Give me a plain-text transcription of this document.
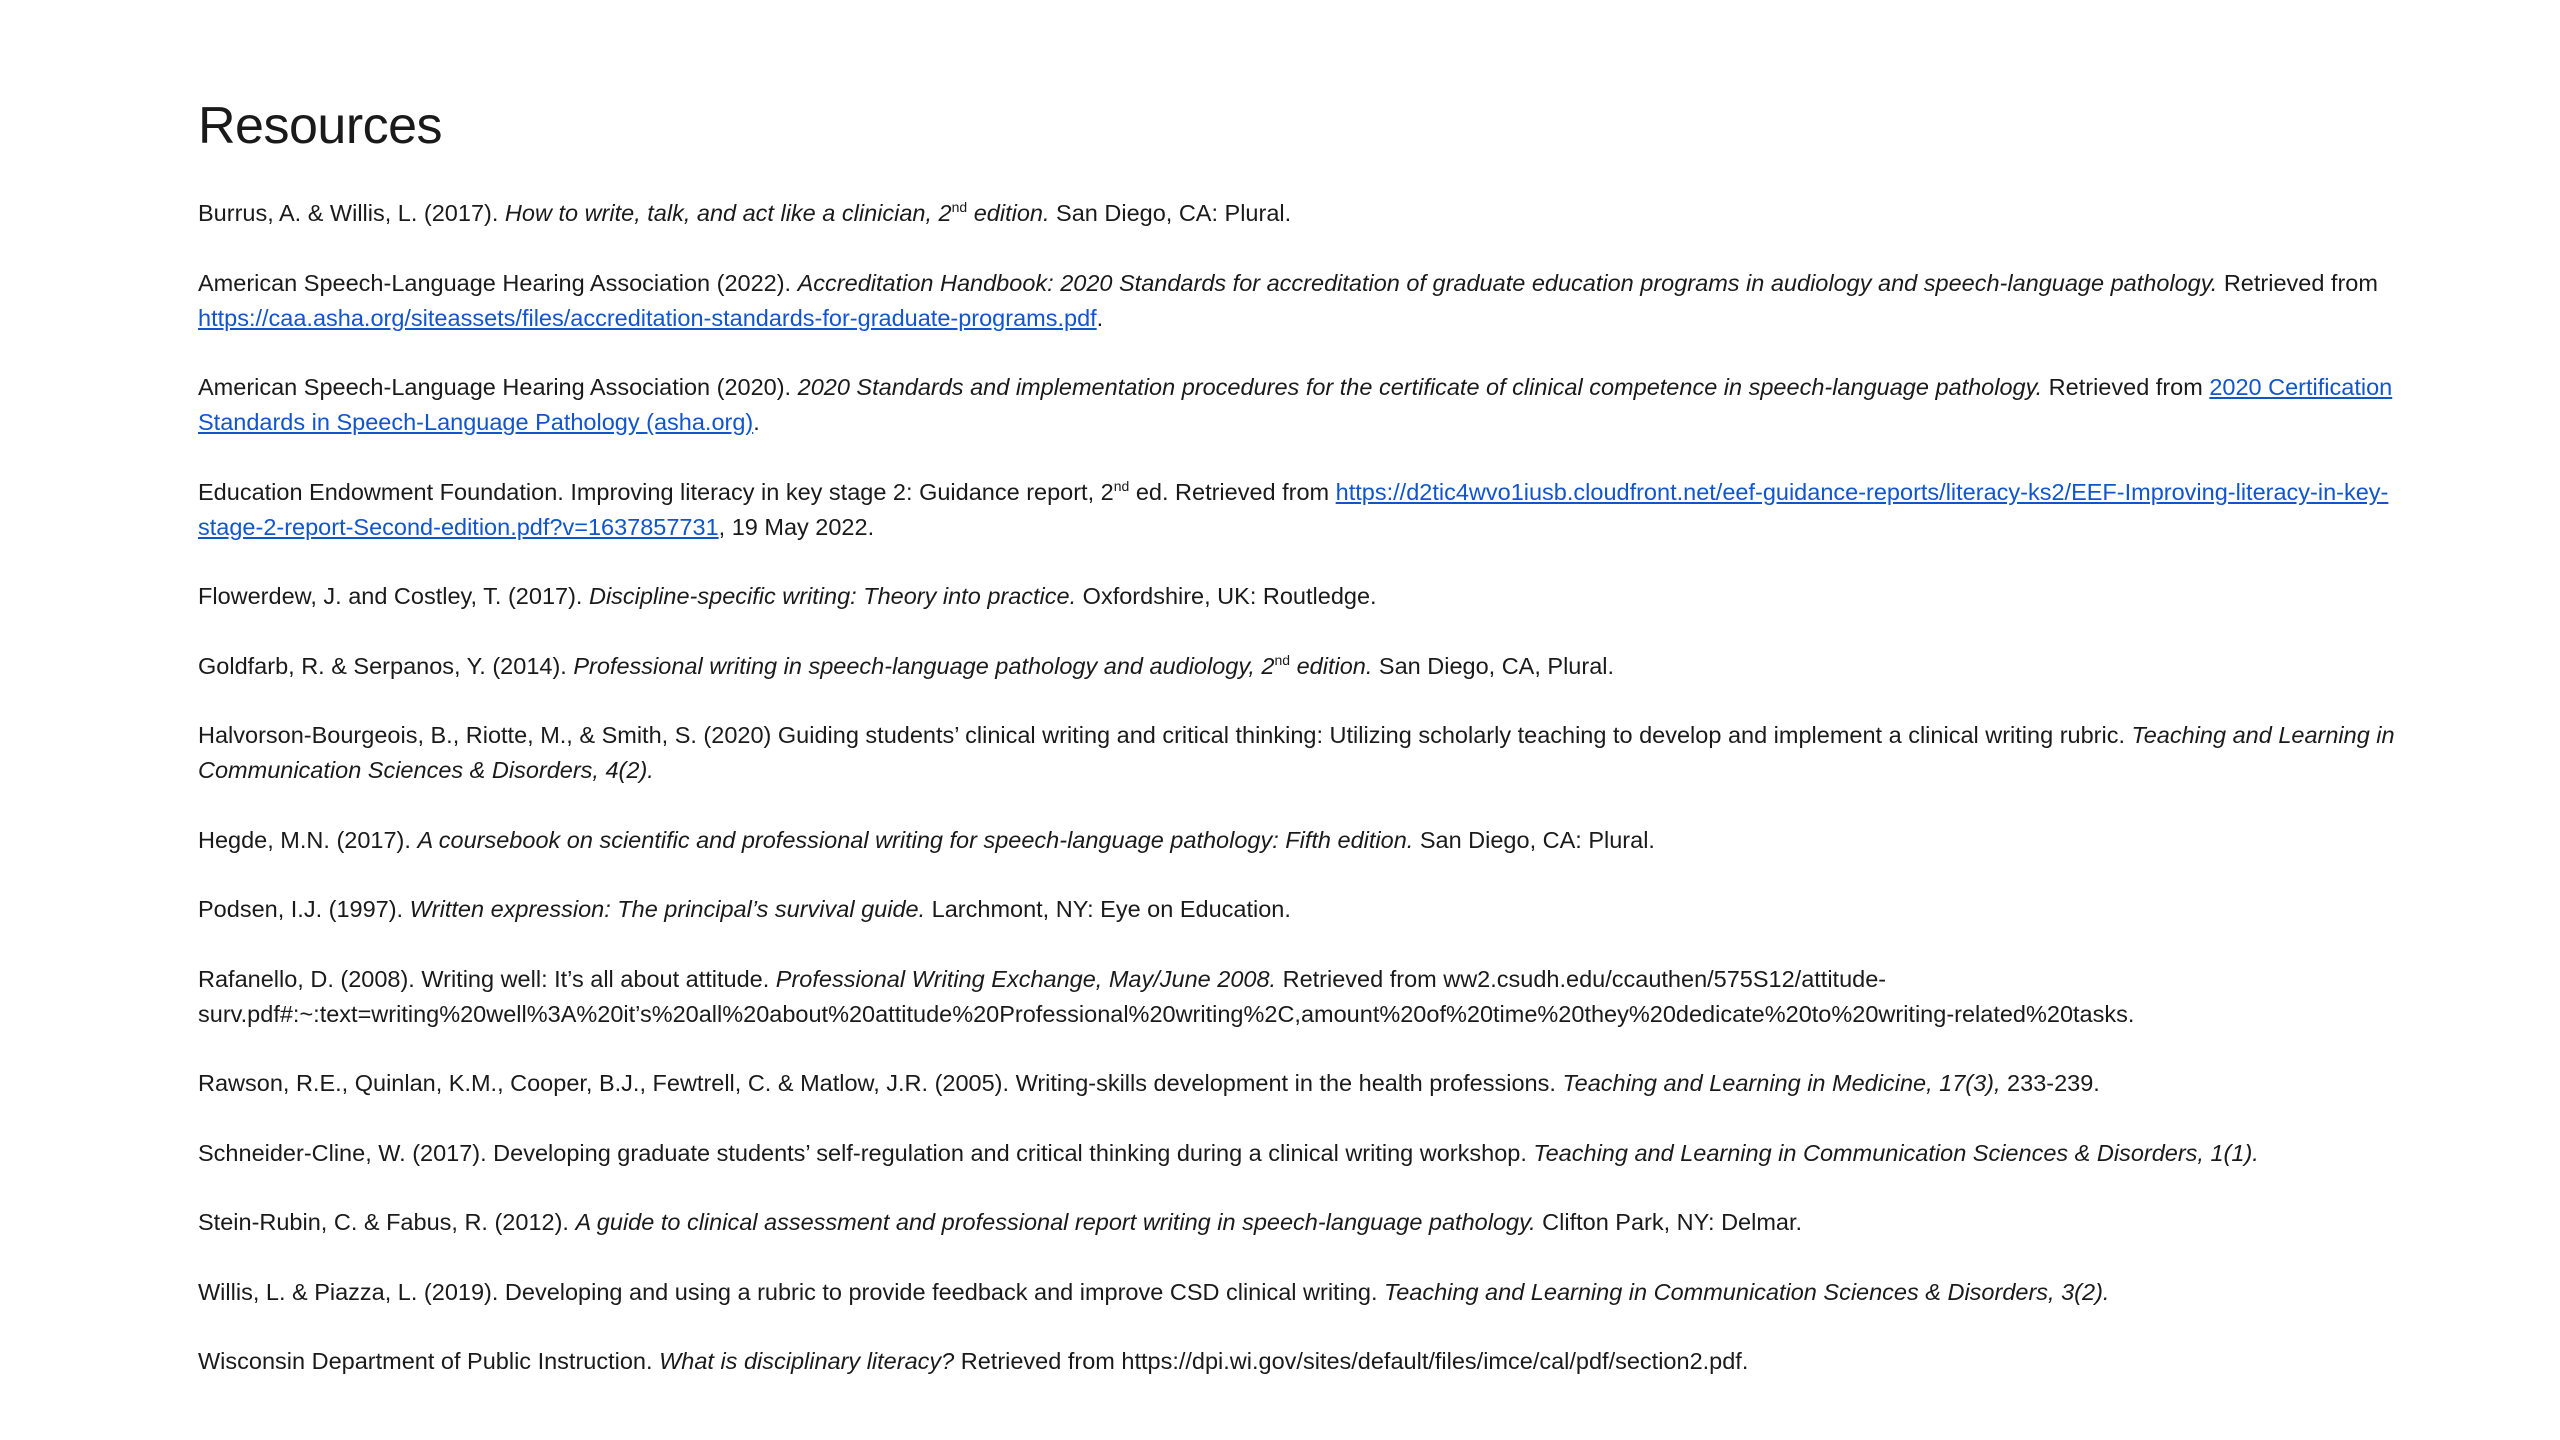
Resources
Burrus, A. & Willis, L. (2017). How to write, talk, and act like a clinician, 2nd edition. San Diego, CA: Plural.
American Speech-Language Hearing Association (2022). Accreditation Handbook: 2020 Standards for accreditation of graduate education programs in audiology and speech-language pathology. Retrieved from https://caa.asha.org/siteassets/files/accreditation-standards-for-graduate-programs.pdf.
American Speech-Language Hearing Association (2020). 2020 Standards and implementation procedures for the certificate of clinical competence in speech-language pathology. Retrieved from 2020 Certification Standards in Speech-Language Pathology (asha.org).
Education Endowment Foundation. Improving literacy in key stage 2: Guidance report, 2nd ed. Retrieved from https://d2tic4wvo1iusb.cloudfront.net/eef-guidance-reports/literacy-ks2/EEF-Improving-literacy-in-key-stage-2-report-Second-edition.pdf?v=1637857731, 19 May 2022.
Flowerdew, J. and Costley, T. (2017). Discipline-specific writing: Theory into practice. Oxfordshire, UK: Routledge.
Goldfarb, R. & Serpanos, Y. (2014). Professional writing in speech-language pathology and audiology, 2nd edition. San Diego, CA, Plural.
Halvorson-Bourgeois, B., Riotte, M., & Smith, S. (2020) Guiding students’ clinical writing and critical thinking: Utilizing scholarly teaching to develop and implement a clinical writing rubric. Teaching and Learning in Communication Sciences & Disorders, 4(2).
Hegde, M.N. (2017). A coursebook on scientific and professional writing for speech-language pathology: Fifth edition. San Diego, CA: Plural.
Podsen, I.J. (1997). Written expression: The principal’s survival guide. Larchmont, NY: Eye on Education.
Rafanello, D. (2008). Writing well: It’s all about attitude. Professional Writing Exchange, May/June 2008. Retrieved from ww2.csudh.edu/ccauthen/575S12/attitude-surv.pdf#:~:text=writing%20well%3A%20it’s%20all%20about%20attitude%20Professional%20writing%2C,amount%20of%20time%20they%20dedicate%20to%20writing-related%20tasks.
Rawson, R.E., Quinlan, K.M., Cooper, B.J., Fewtrell, C. & Matlow, J.R. (2005). Writing-skills development in the health professions. Teaching and Learning in Medicine, 17(3), 233-239.
Schneider-Cline, W. (2017). Developing graduate students’ self-regulation and critical thinking during a clinical writing workshop. Teaching and Learning in Communication Sciences & Disorders, 1(1).
Stein-Rubin, C. & Fabus, R. (2012). A guide to clinical assessment and professional report writing in speech-language pathology. Clifton Park, NY: Delmar.
Willis, L. & Piazza, L. (2019). Developing and using a rubric to provide feedback and improve CSD clinical writing. Teaching and Learning in Communication Sciences & Disorders, 3(2).
Wisconsin Department of Public Instruction. What is disciplinary literacy? Retrieved from https://dpi.wi.gov/sites/default/files/imce/cal/pdf/section2.pdf.
